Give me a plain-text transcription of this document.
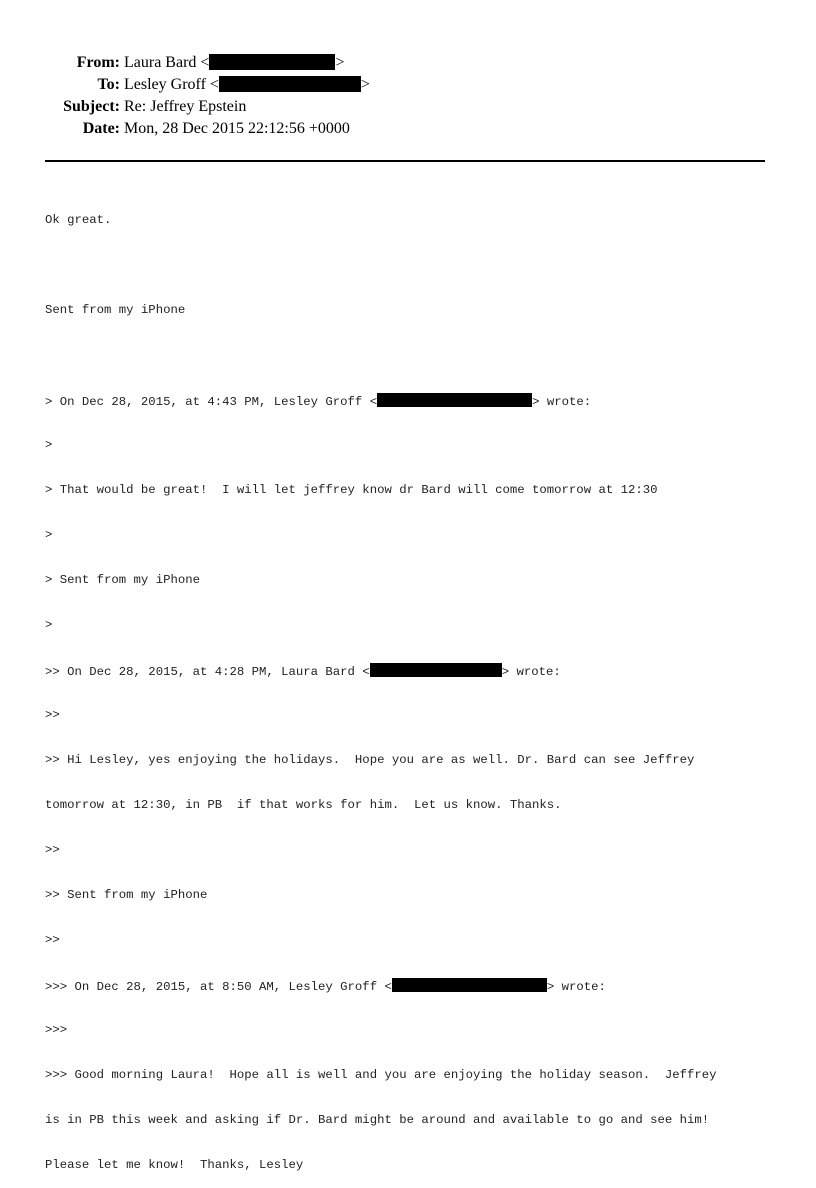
From: Laura Bard <	>
To: Lesley Groff <	>
Subject: Re: Jeffrey Epstein
Date: Mon, 28 Dec 2015 22:12:56 +0000

Ok great.

Sent from my iPhone

> On Dec 28, 2015, at 4:43 PM, Lesley Groff <	> wrote:

>

> That would be great!  I will let jeffrey know dr Bard will come tomorrow at 12:30

>

> Sent from my iPhone

>

>> On Dec 28, 2015, at 4:28 PM, Laura Bard <	> wrote:

>>

>> Hi Lesley, yes enjoying the holidays.  Hope you are as well. Dr. Bard can see Jeffrey

tomorrow at 12:30, in PB  if that works for him.  Let us know. Thanks.

>>

>> Sent from my iPhone

>>

>>> On Dec 28, 2015, at 8:50 AM, Lesley Groff <	> wrote:

>>>

>>> Good morning Laura!  Hope all is well and you are enjoying the holiday season.  Jeffrey

is in PB this week and asking if Dr. Bard might be around and available to go and see him!

Please let me know!  Thanks, Lesley
